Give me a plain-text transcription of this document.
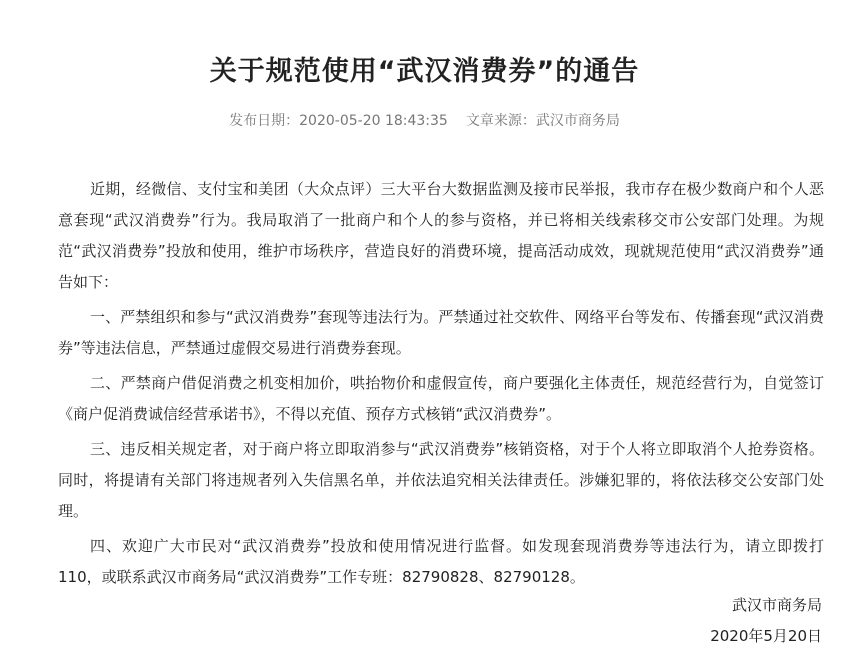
关于规范使用“武汉消费券”的通告
发布日期：2020-05-20 18:43:35 文章来源：武汉市商务局

近期，经微信、支付宝和美团（大众点评）三大平台大数据监测及接市民举报，我市存在极少数商户和个人恶意套现“武汉消费券”行为。我局取消了一批商户和个人的参与资格，并已将相关线索移交市公安部门处理。为规范“武汉消费券”投放和使用，维护市场秩序，营造良好的消费环境，提高活动成效，现就规范使用“武汉消费券”通告如下：

一、严禁组织和参与“武汉消费券”套现等违法行为。严禁通过社交软件、网络平台等发布、传播套现“武汉消费券”等违法信息，严禁通过虚假交易进行消费券套现。

二、严禁商户借促消费之机变相加价，哄抬物价和虚假宣传，商户要强化主体责任，规范经营行为，自觉签订《商户促消费诚信经营承诺书》，不得以充值、预存方式核销“武汉消费券”。

三、违反相关规定者，对于商户将立即取消参与“武汉消费券”核销资格，对于个人将立即取消个人抢券资格。同时，将提请有关部门将违规者列入失信黑名单，并依法追究相关法律责任。涉嫌犯罪的，将依法移交公安部门处理。

四、欢迎广大市民对“武汉消费券”投放和使用情况进行监督。如发现套现消费券等违法行为，请立即拨打110，或联系武汉市商务局“武汉消费券”工作专班：82790828、82790128。

武汉市商务局
2020年5月20日
